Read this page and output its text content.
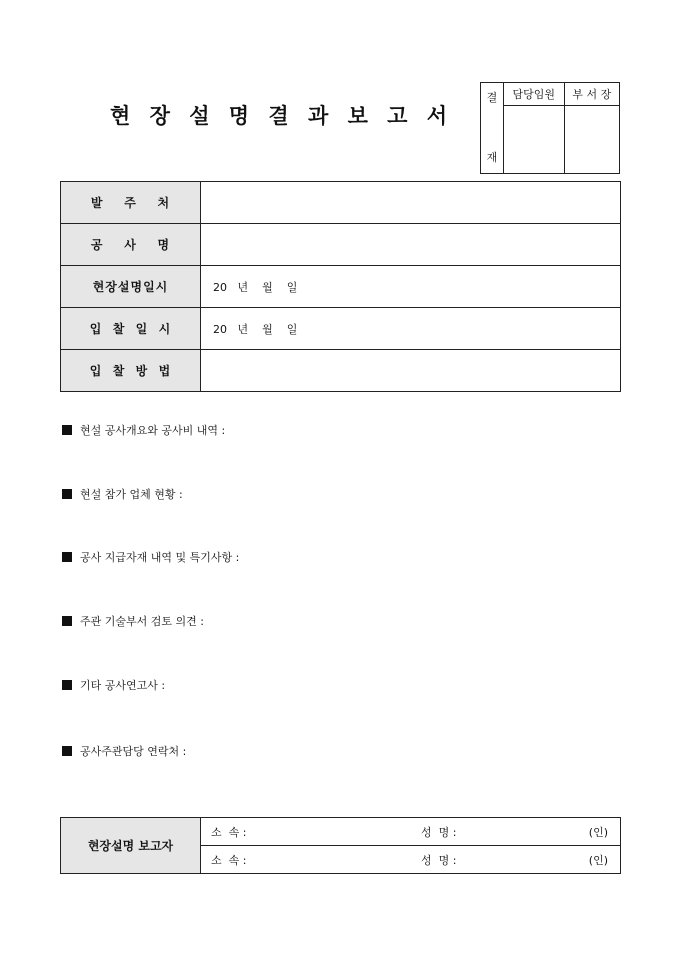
현 장 설 명 결 과 보 고 서
결

재	담당임원	부 서 장

발    주    처	
공    사    명	
현장설명일시	20   년    월    일
입  찰  일  시	20   년    월    일
입  찰  방  법	
현설 공사개요와 공사비 내역 :
현설 참가 업체 현황 :
공사 지급자재 내역 및 특기사항 :
주관 기술부서 검토 의견 :
기타 공사연고사 :
공사주관담당 연락처 :
현장설명 보고자	
소  속 :	성  명 :	(인)

소  속 :	성  명 :	(인)
